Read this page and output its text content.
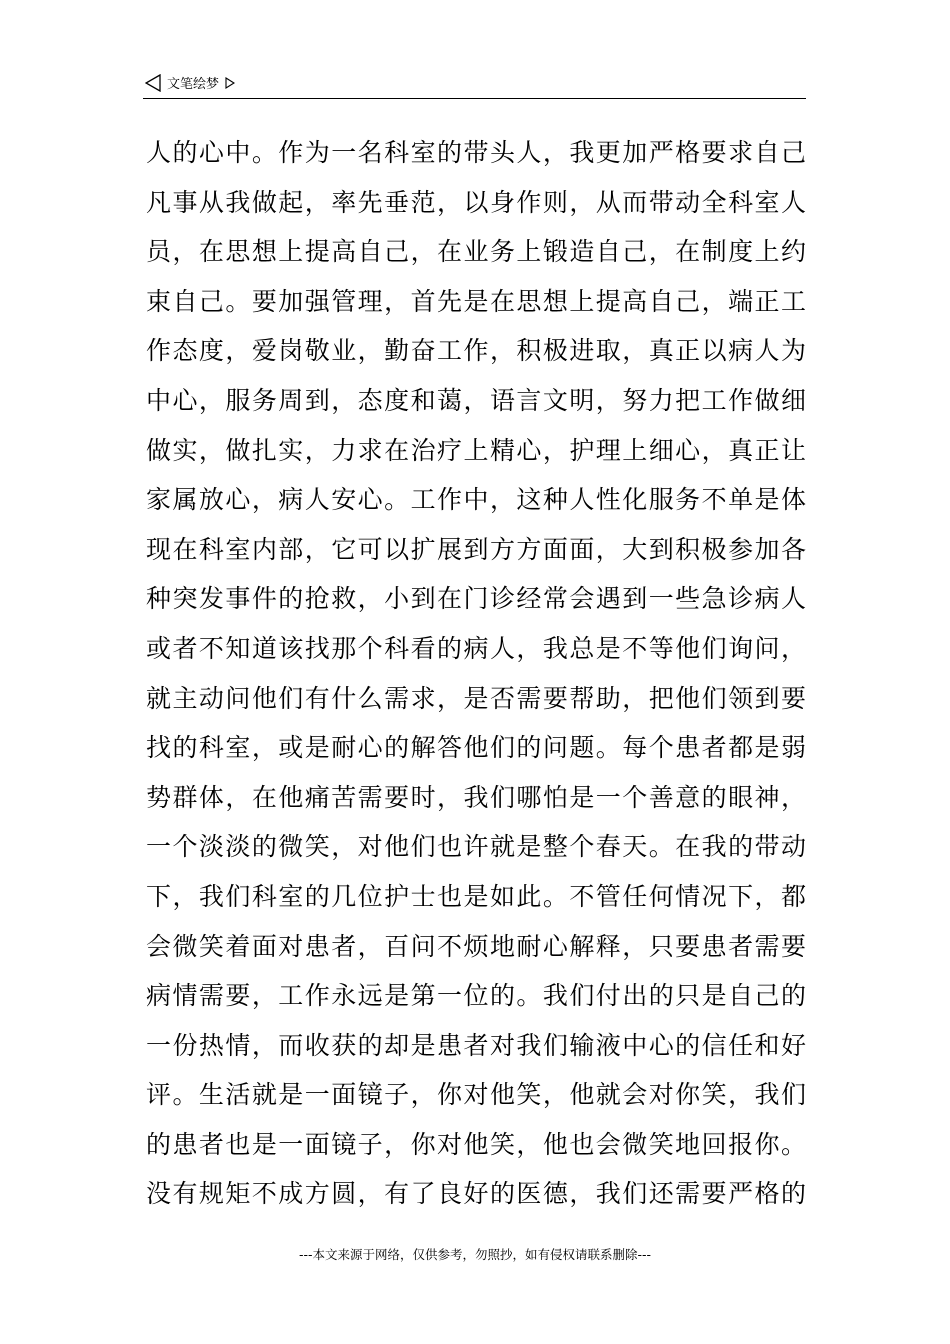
文笔绘梦
人的心中。作为一名科室的带头人，我更加严格要求自己
凡事从我做起，率先垂范，以身作则，从而带动全科室人
员，在思想上提高自己，在业务上锻造自己，在制度上约
束自己。要加强管理，首先是在思想上提高自己，端正工
作态度，爱岗敬业，勤奋工作，积极进取，真正以病人为
中心，服务周到，态度和蔼，语言文明，努力把工作做细
做实，做扎实，力求在治疗上精心，护理上细心，真正让
家属放心，病人安心。工作中，这种人性化服务不单是体
现在科室内部，它可以扩展到方方面面，大到积极参加各
种突发事件的抢救，小到在门诊经常会遇到一些急诊病人
或者不知道该找那个科看的病人，我总是不等他们询问，
就主动问他们有什么需求，是否需要帮助，把他们领到要
找的科室，或是耐心的解答他们的问题。每个患者都是弱
势群体，在他痛苦需要时，我们哪怕是一个善意的眼神，
一个淡淡的微笑，对他们也许就是整个春天。在我的带动
下，我们科室的几位护士也是如此。不管任何情况下，都
会微笑着面对患者，百问不烦地耐心解释，只要患者需要
病情需要，工作永远是第一位的。我们付出的只是自己的
一份热情，而收获的却是患者对我们输液中心的信任和好
评。生活就是一面镜子，你对他笑，他就会对你笑，我们
的患者也是一面镜子，你对他笑，他也会微笑地回报你。
没有规矩不成方圆，有了良好的医德，我们还需要严格的
---本文来源于网络，仅供参考，勿照抄，如有侵权请联系删除---
